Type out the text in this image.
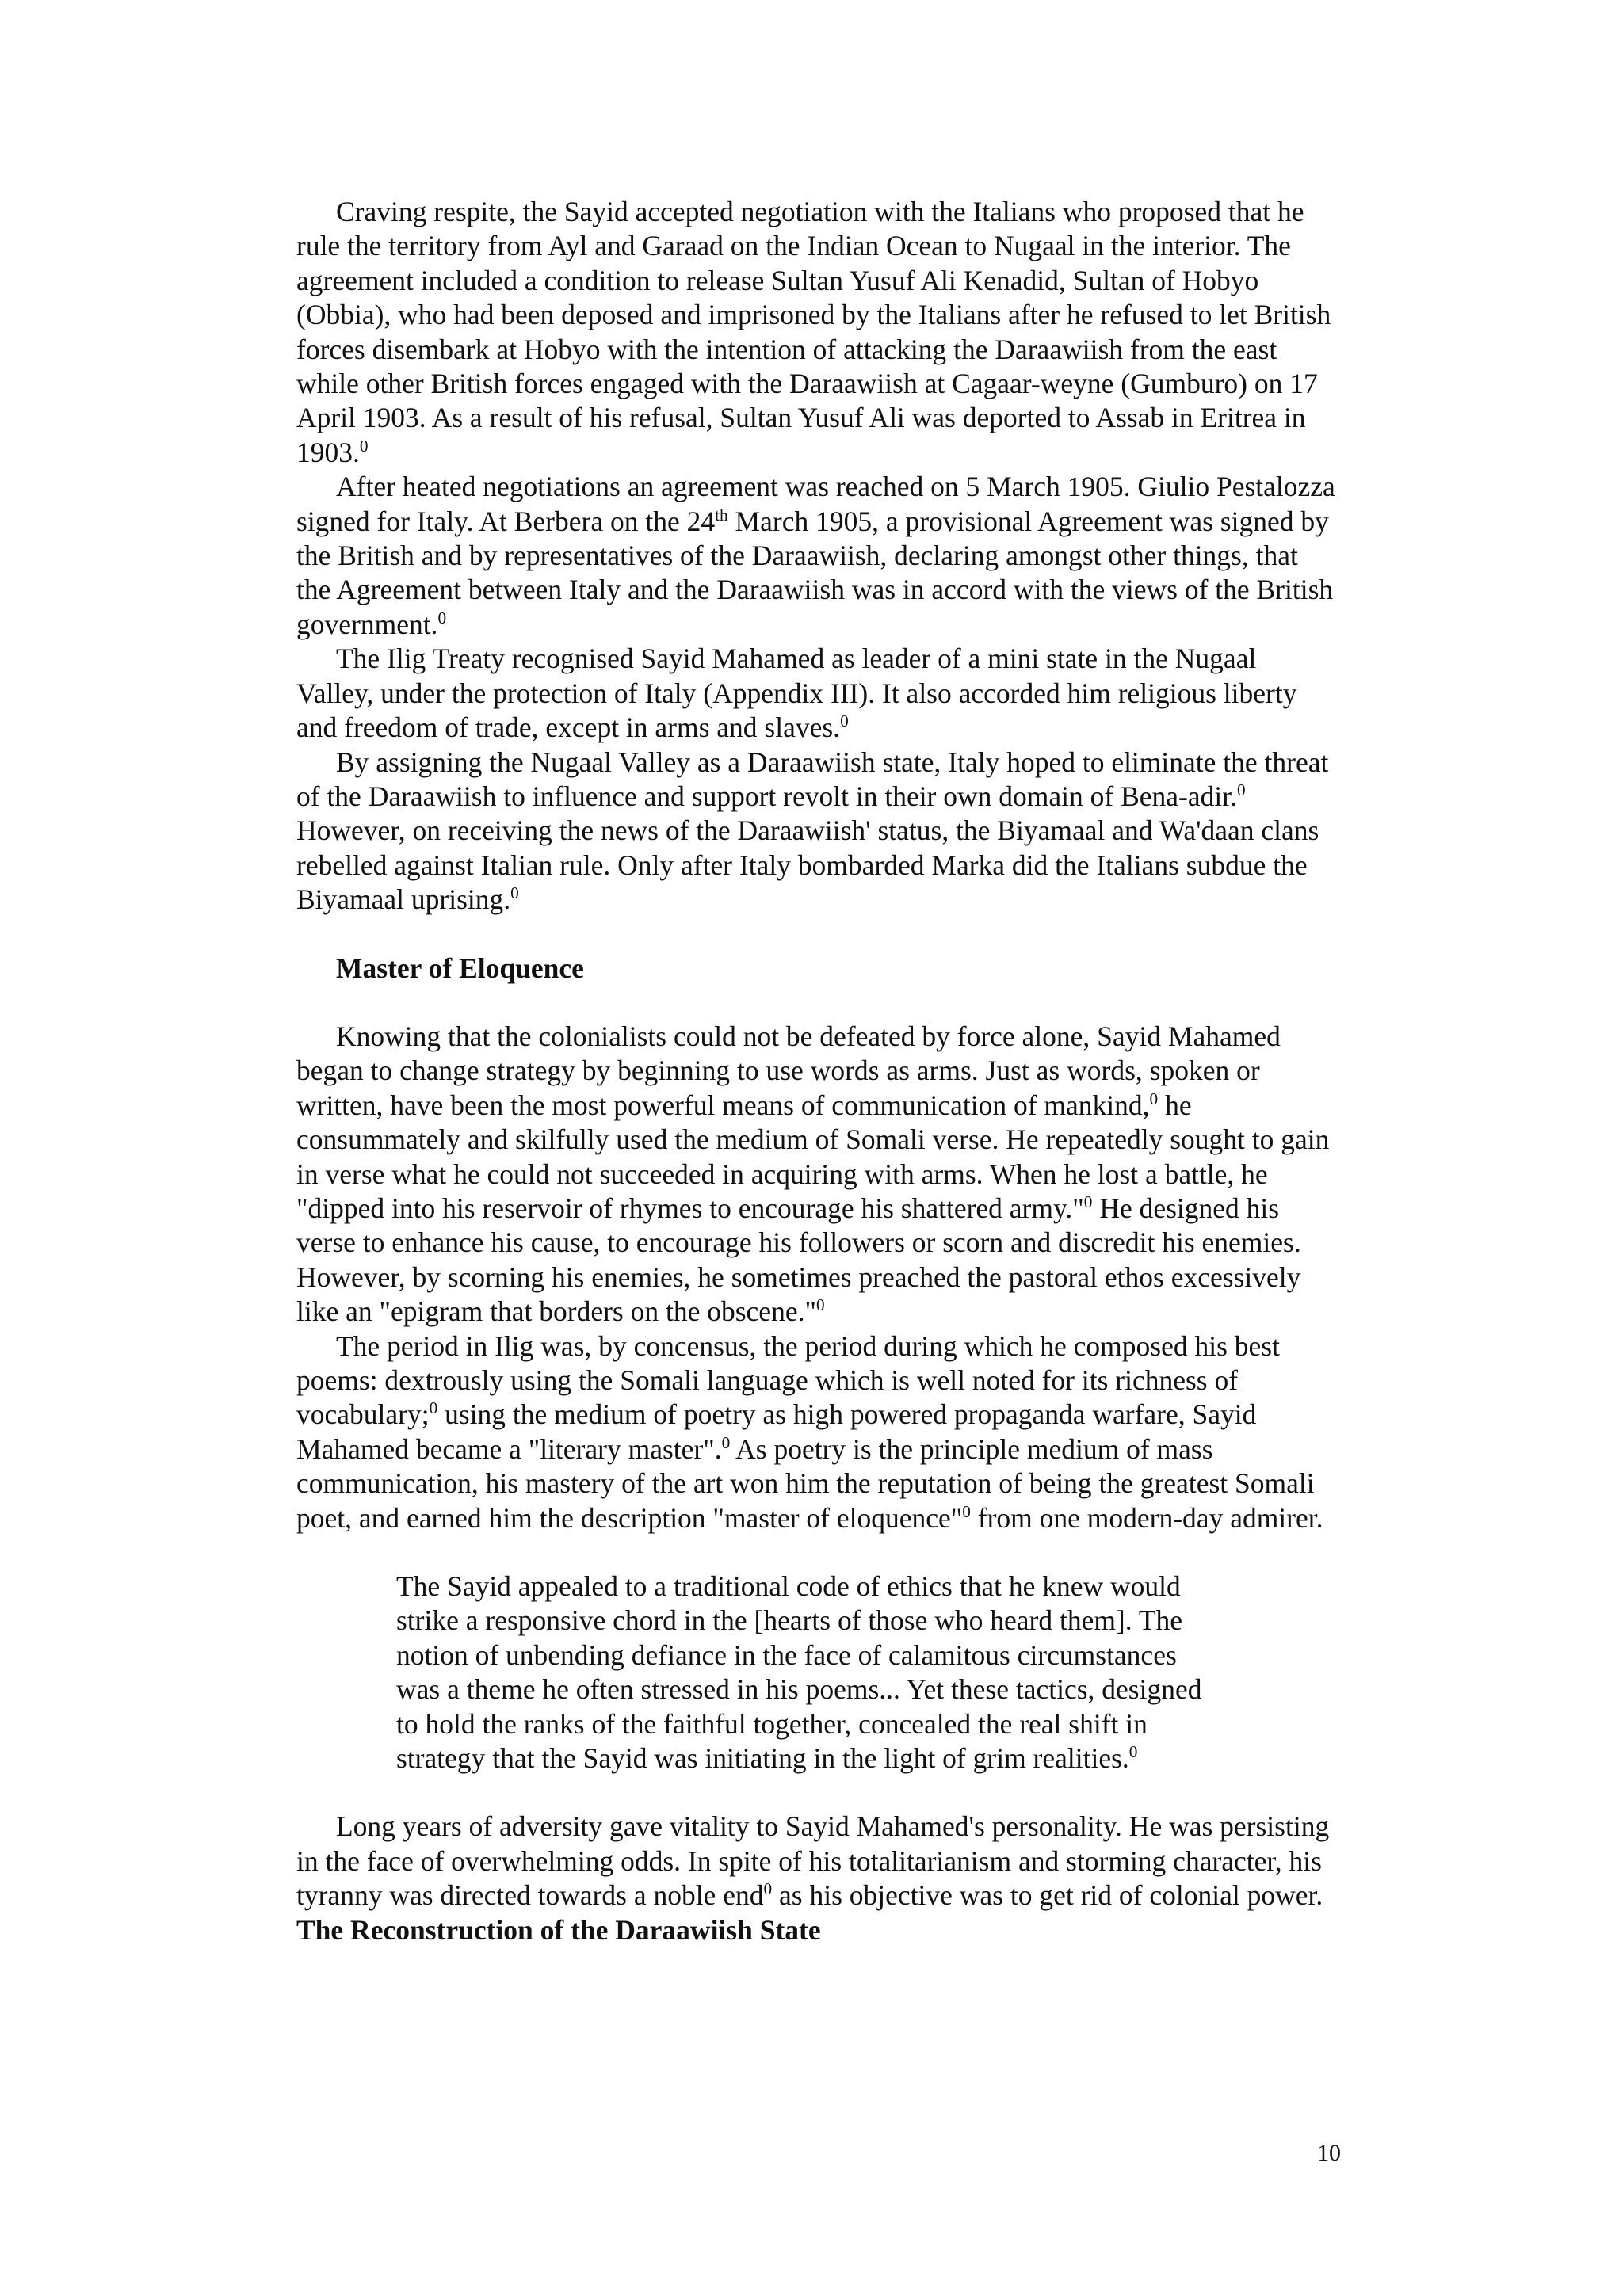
Craving respite, the Sayid accepted negotiation with the Italians who proposed that he rule the territory from Ayl and Garaad on the Indian Ocean to Nugaal in the interior. The agreement included a condition to release Sultan Yusuf Ali Kenadid, Sultan of Hobyo (Obbia), who had been deposed and imprisoned by the Italians after he refused to let British forces disembark at Hobyo with the intention of attacking the Daraawiish from the east while other British forces engaged with the Daraawiish at Cagaar-weyne (Gumburo) on 17 April 1903. As a result of his refusal, Sultan Yusuf Ali was deported to Assab in Eritrea in 1903.$^0$

After heated negotiations an agreement was reached on 5 March 1905. Giulio Pestalozza signed for Italy. At Berbera on the 24th March 1905, a provisional Agreement was signed by the British and by representatives of the Daraawiish, declaring amongst other things, that the Agreement between Italy and the Daraawiish was in accord with the views of the British government.$^0$

The Ilig Treaty recognised Sayid Mahamed as leader of a mini state in the Nugaal Valley, under the protection of Italy (Appendix III). It also accorded him religious liberty and freedom of trade, except in arms and slaves.$^0$

By assigning the Nugaal Valley as a Daraawiish state, Italy hoped to eliminate the threat of the Daraawiish to influence and support revolt in their own domain of Bena-adir.$^0$ However, on receiving the news of the Daraawiish' status, the Biyamaal and Wa'daan clans rebelled against Italian rule. Only after Italy bombarded Marka did the Italians subdue the Biyamaal uprising.$^0$

Master of Eloquence

Knowing that the colonialists could not be defeated by force alone, Sayid Mahamed began to change strategy by beginning to use words as arms. Just as words, spoken or written, have been the most powerful means of communication of mankind,$^0$ he consummately and skilfully used the medium of Somali verse. He repeatedly sought to gain in verse what he could not succeeded in acquiring with arms. When he lost a battle, he "dipped into his reservoir of rhymes to encourage his shattered army."$^0$ He designed his verse to enhance his cause, to encourage his followers or scorn and discredit his enemies. However, by scorning his enemies, he sometimes preached the pastoral ethos excessively like an "epigram that borders on the obscene."$^0$

The period in Ilig was, by concensus, the period during which he composed his best poems: dextrously using the Somali language which is well noted for its richness of vocabulary;$^0$ using the medium of poetry as high powered propaganda warfare, Sayid Mahamed became a "literary master".$^0$ As poetry is the principle medium of mass communication, his mastery of the art won him the reputation of being the greatest Somali poet, and earned him the description "master of eloquence"$^0$ from one modern-day admirer.

The Sayid appealed to a traditional code of ethics that he knew would strike a responsive chord in the [hearts of those who heard them]. The notion of unbending defiance in the face of calamitous circumstances was a theme he often stressed in his poems... Yet these tactics, designed to hold the ranks of the faithful together, concealed the real shift in strategy that the Sayid was initiating in the light of grim realities.$^0$

Long years of adversity gave vitality to Sayid Mahamed's personality. He was persisting in the face of overwhelming odds. In spite of his totalitarianism and storming character, his tyranny was directed towards a noble end$^0$ as his objective was to get rid of colonial power.

The Reconstruction of the Daraawiish State

10
